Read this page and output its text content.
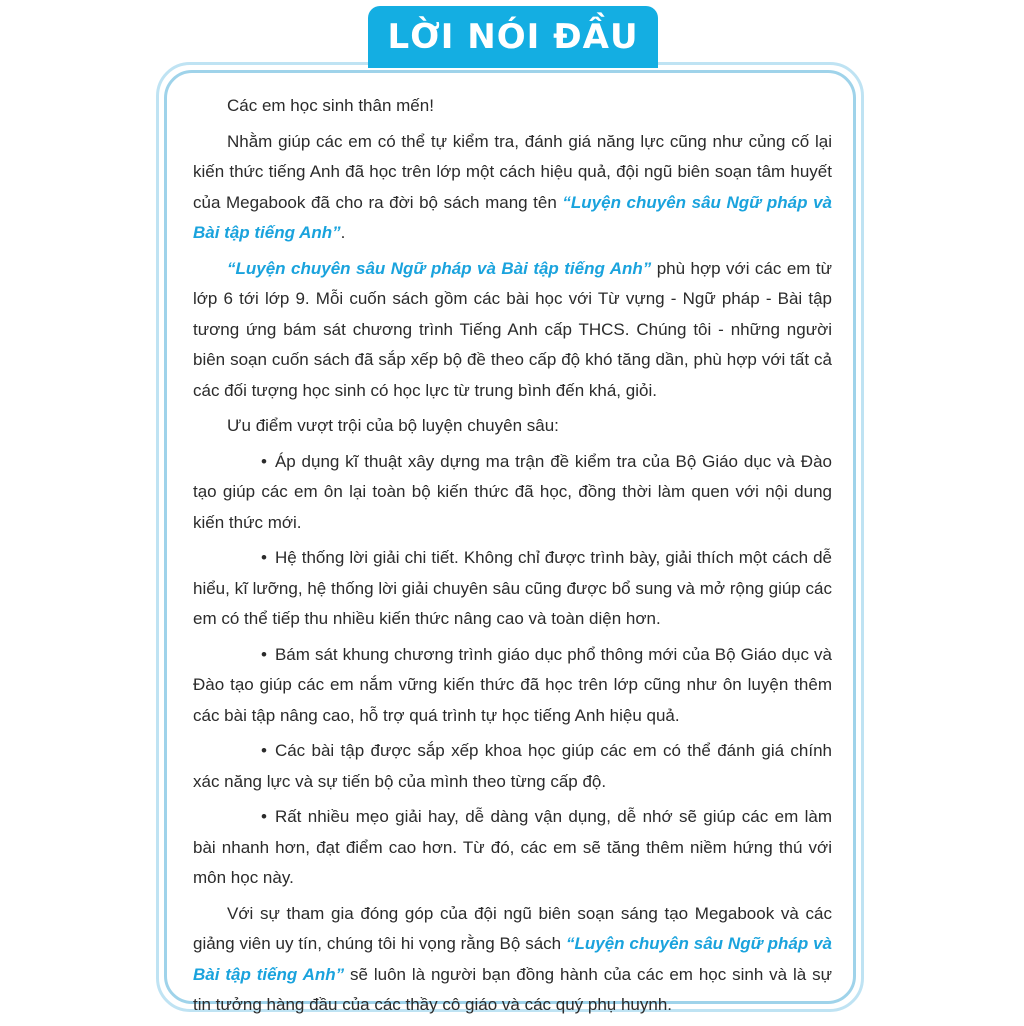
LỜI NÓI ĐẦU

Các em học sinh thân mến!

Nhằm giúp các em có thể tự kiểm tra, đánh giá năng lực cũng như củng cố lại kiến thức tiếng Anh đã học trên lớp một cách hiệu quả, đội ngũ biên soạn tâm huyết của Megabook đã cho ra đời bộ sách mang tên “Luyện chuyên sâu Ngữ pháp và Bài tập tiếng Anh”.

“Luyện chuyên sâu Ngữ pháp và Bài tập tiếng Anh” phù hợp với các em từ lớp 6 tới lớp 9. Mỗi cuốn sách gồm các bài học với Từ vựng - Ngữ pháp - Bài tập tương ứng bám sát chương trình Tiếng Anh cấp THCS. Chúng tôi - những người biên soạn cuốn sách đã sắp xếp bộ đề theo cấp độ khó tăng dần, phù hợp với tất cả các đối tượng học sinh có học lực từ trung bình đến khá, giỏi.

Ưu điểm vượt trội của bộ luyện chuyên sâu:

• Áp dụng kĩ thuật xây dựng ma trận đề kiểm tra của Bộ Giáo dục và Đào tạo giúp các em ôn lại toàn bộ kiến thức đã học, đồng thời làm quen với nội dung kiến thức mới.

• Hệ thống lời giải chi tiết. Không chỉ được trình bày, giải thích một cách dễ hiểu, kĩ lưỡng, hệ thống lời giải chuyên sâu cũng được bổ sung và mở rộng giúp các em có thể tiếp thu nhiều kiến thức nâng cao và toàn diện hơn.

• Bám sát khung chương trình giáo dục phổ thông mới của Bộ Giáo dục và Đào tạo giúp các em nắm vững kiến thức đã học trên lớp cũng như ôn luyện thêm các bài tập nâng cao, hỗ trợ quá trình tự học tiếng Anh hiệu quả.

• Các bài tập được sắp xếp khoa học giúp các em có thể đánh giá chính xác năng lực và sự tiến bộ của mình theo từng cấp độ.

• Rất nhiều mẹo giải hay, dễ dàng vận dụng, dễ nhớ sẽ giúp các em làm bài nhanh hơn, đạt điểm cao hơn. Từ đó, các em sẽ tăng thêm niềm hứng thú với môn học này.

Với sự tham gia đóng góp của đội ngũ biên soạn sáng tạo Megabook và các giảng viên uy tín, chúng tôi hi vọng rằng Bộ sách “Luyện chuyên sâu Ngữ pháp và Bài tập tiếng Anh” sẽ luôn là người bạn đồng hành của các em học sinh và là sự tin tưởng hàng đầu của các thầy cô giáo và các quý phụ huynh.
